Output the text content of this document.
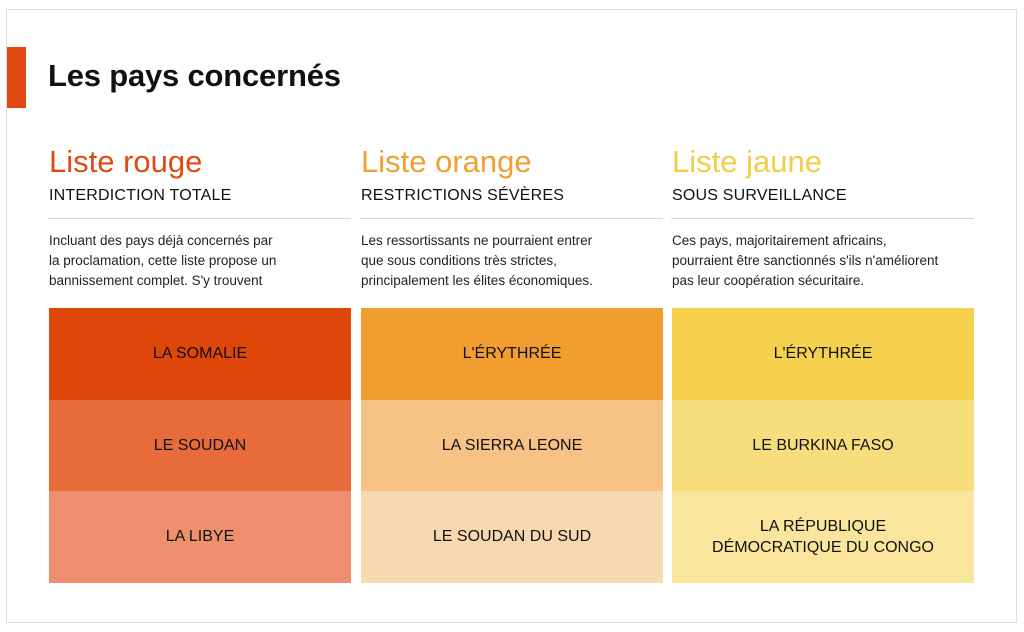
Les pays concernés
Liste rouge
INTERDICTION TOTALE
Incluant des pays déjà concernés par
la proclamation, cette liste propose un
bannissement complet. S'y trouvent
LA SOMALIE
LE SOUDAN
LA LIBYE
Liste orange
RESTRICTIONS SÉVÈRES
Les ressortissants ne pourraient entrer
que sous conditions très strictes,
principalement les élites économiques.
L'ÉRYTHRÉE
LA SIERRA LEONE
LE SOUDAN DU SUD
Liste jaune
SOUS SURVEILLANCE
Ces pays, majoritairement africains,
pourraient être sanctionnés s'ils n'améliorent
pas leur coopération sécuritaire.
L'ÉRYTHRÉE
LE BURKINA FASO
LA RÉPUBLIQUE DÉMOCRATIQUE DU CONGO
